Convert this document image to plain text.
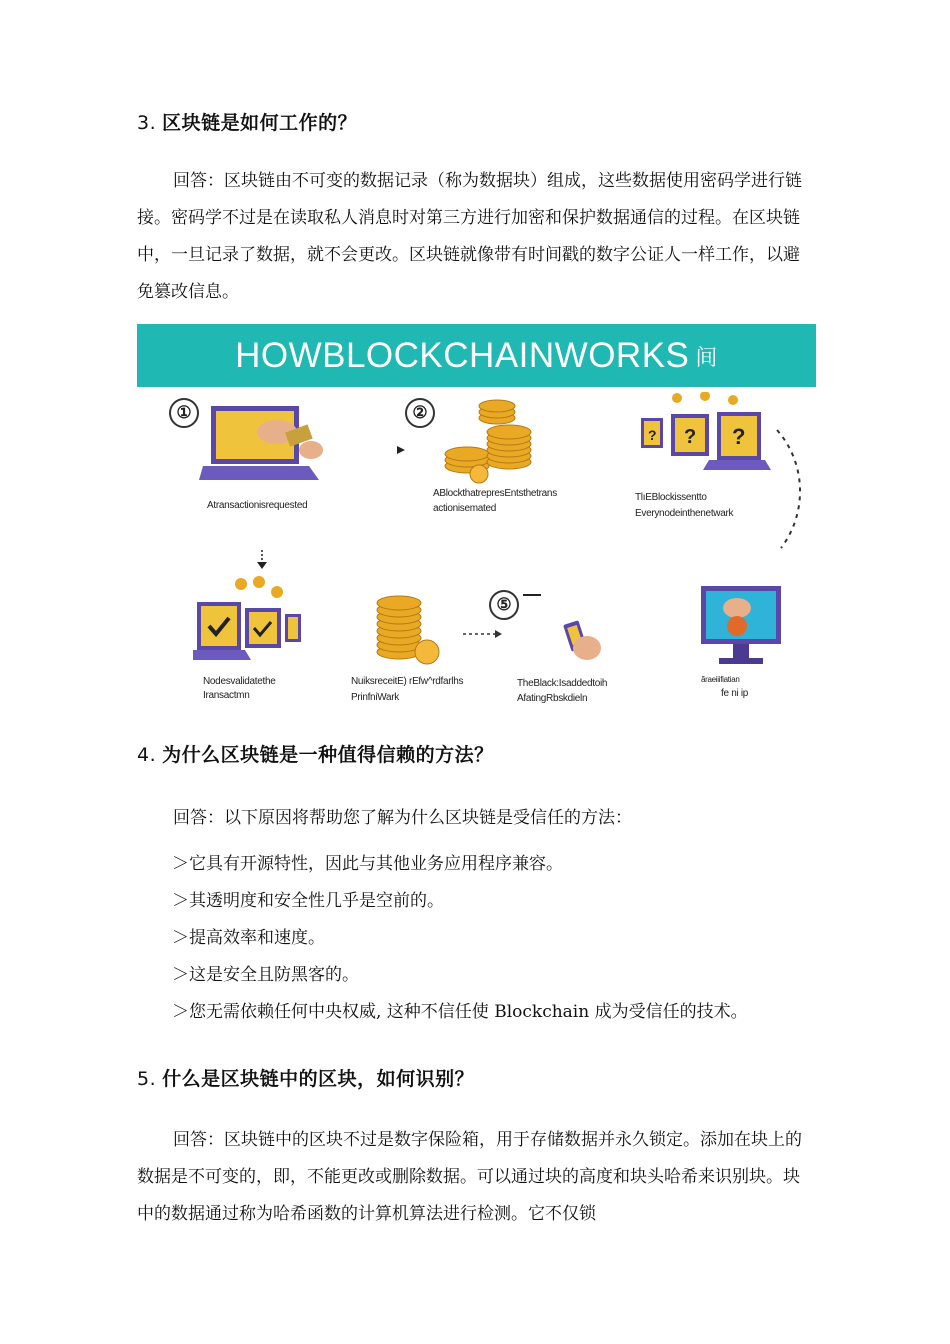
3. 区块链是如何工作的？

回答：区块链由不可变的数据记录（称为数据块）组成，这些数据使用密码学进行链接。密码学不过是在读取私人消息时对第三方进行加密和保护数据通信的过程。在区块链中，一旦记录了数据，就不会更改。区块链就像带有时间戳的数字公证人一样工作，以避免篡改信息。

HOWBLOCKCHAINWORKS 间
①
Atransactionisrequested
②
ABlockthatrepresEntsthetrans
actionisemated
? ? ?
TlıEBlockissentto
Everynodeinthenetwark
Nodesvalidatethe
Iransactmn
NuiksreceitE) rEfw^rdfarlhs
PrinfniWark
⑤
TheBlack:Isaddedtoih
AfatingRbskdieln
ãraeiiifiatian
fe ni ip
4. 为什么区块链是一种值得信赖的方法？

回答：以下原因将帮助您了解为什么区块链是受信任的方法：

＞它具有开源特性，因此与其他业务应用程序兼容。
＞其透明度和安全性几乎是空前的。
＞提高效率和速度。
＞这是安全且防黑客的。
＞您无需依赖任何中央权威, 这种不信任使 Blockchain 成为受信任的技术。
5. 什么是区块链中的区块，如何识别？

回答：区块链中的区块不过是数字保险箱，用于存储数据并永久锁定。添加在块上的数据是不可变的，即，不能更改或删除数据。可以通过块的高度和块头哈希来识别块。块中的数据通过称为哈希函数的计算机算法进行检测。它不仅锁
